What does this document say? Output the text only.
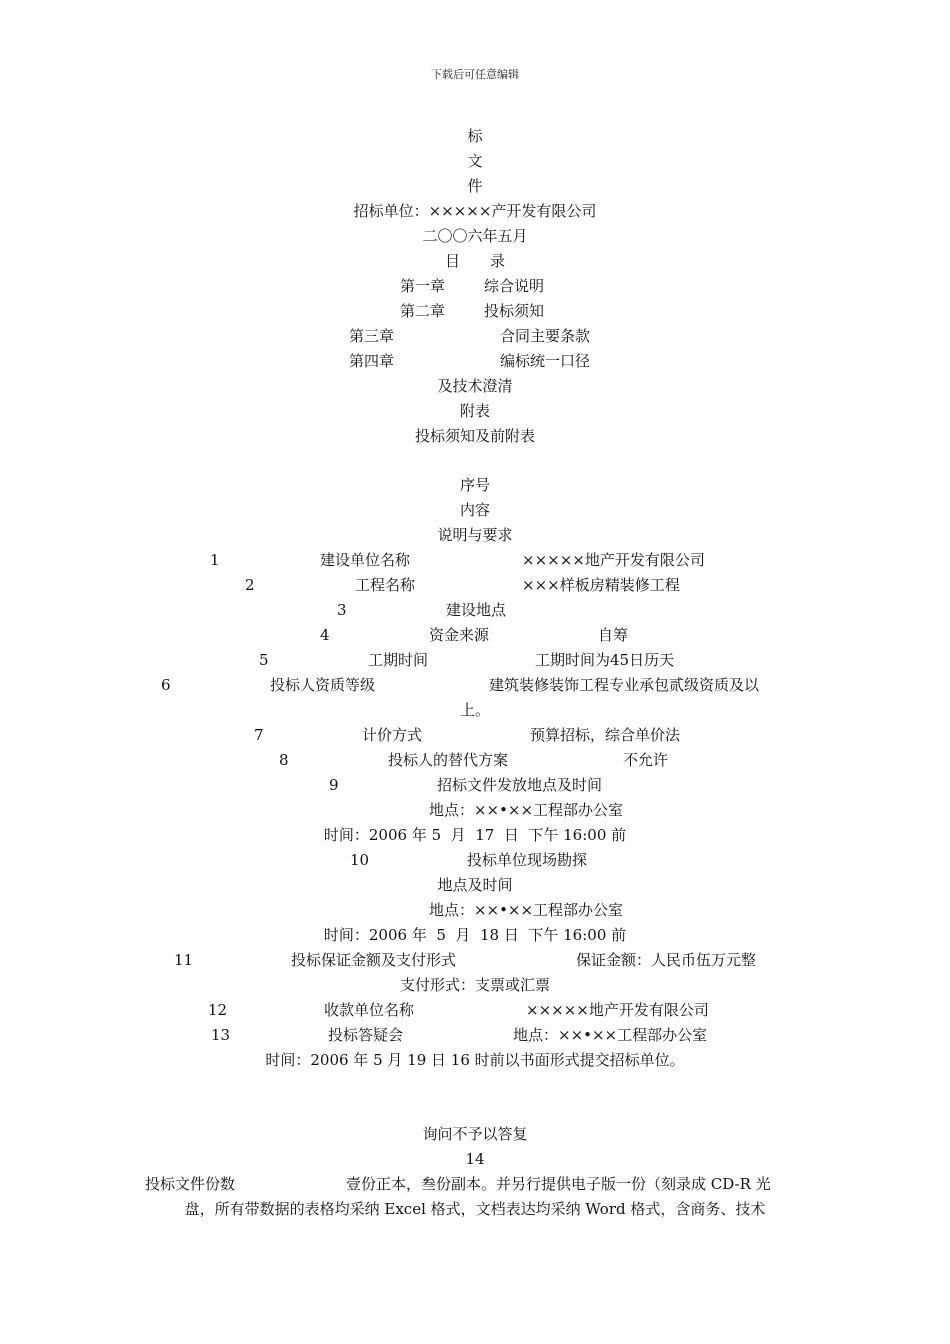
下载后可任意编辑
标
文
件
招标单位：×××××产开发有限公司
二〇〇六年五月
目　　录
第一章	综合说明
第二章	投标须知
第三章	合同主要条款
第四章	编标统一口径
及技术澄清
附表
投标须知及前附表
序号
内容
说明与要求
1	建设单位名称	×××××地产开发有限公司
2	工程名称	×××样板房精装修工程
3	建设地点
4	资金来源	自筹
5	工期时间	工期时间为45日历天
6	投标人资质等级	建筑装修装饰工程专业承包贰级资质及以
上。
7	计价方式	预算招标，综合单价法
8	投标人的替代方案	不允许
9	招标文件发放地点及时间
地点：××•××工程部办公室
时间：2006 年 5  月  17  日  下午 16:00 前
10	投标单位现场勘探
地点及时间
地点：××•××工程部办公室
时间：2006 年  5  月  18 日  下午 16:00 前
11	投标保证金额及支付形式	保证金额：人民币伍万元整
支付形式：支票或汇票
12	收款单位名称	×××××地产开发有限公司
13	投标答疑会	地点：××•××工程部办公室
时间：2006 年 5 月 19 日 16 时前以书面形式提交招标单位。
询问不予以答复
14
投标文件份数	壹份正本，叁份副本。并另行提供电子版一份（刻录成 CD-R 光
盘，所有带数据的表格均采纳 Excel 格式，文档表达均采纳 Word 格式，含商务、技术
